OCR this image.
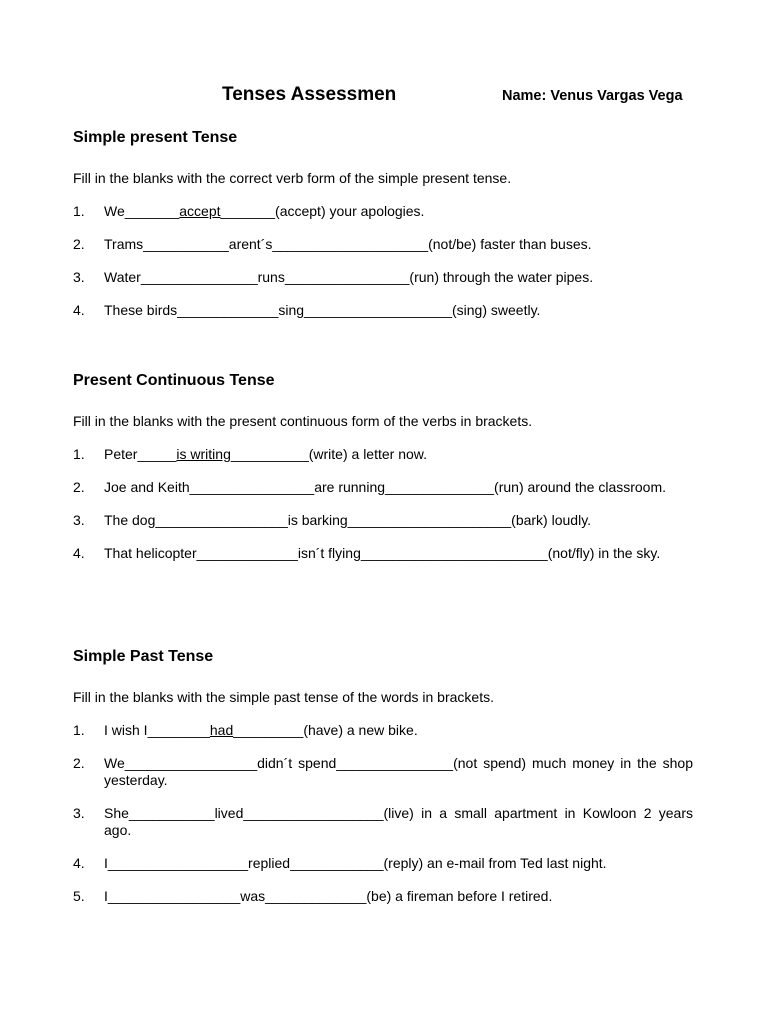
Tenses Assessmen	Name: Venus Vargas Vega
Simple present Tense

Fill in the blanks with the correct verb form of the simple present tense.

1. We_______accept_______(accept) your apologies.
2. Trams___________arent´s____________________(not/be) faster than buses.
3. Water_______________runs________________(run) through the water pipes.
4. These birds_____________sing___________________(sing) sweetly.
Present Continuous Tense

Fill in the blanks with the present continuous form of the verbs in brackets.

1. Peter_____is writing__________(write) a letter now.
2. Joe and Keith________________are running______________(run) around the classroom.
3. The dog_________________is barking_____________________(bark) loudly.
4. That helicopter_____________isn´t flying________________________(not/fly) in the sky.
Simple Past Tense

Fill in the blanks with the simple past tense of the words in brackets.

1. I wish I________had_________(have) a new bike.
2. We_________________didn´t spend_______________(not spend) much money in the shop yesterday.
3. She___________lived__________________(live) in a small apartment in Kowloon 2 years ago.
4. I__________________replied____________(reply) an e-mail from Ted last night.
5. I_________________was_____________(be) a fireman before I retired.
